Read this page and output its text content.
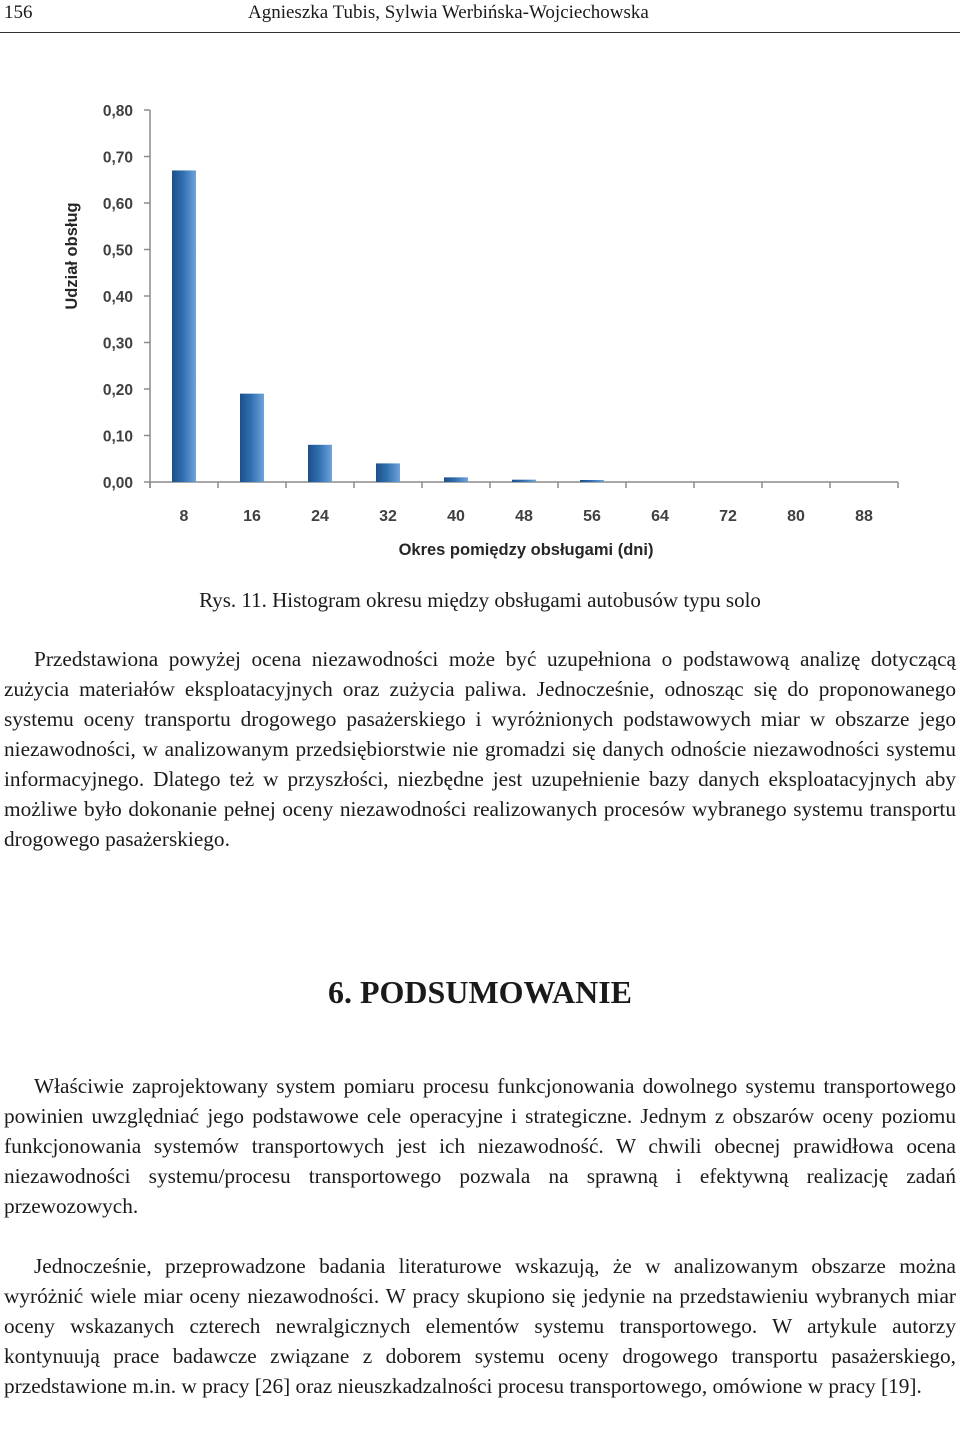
156	Agnieszka Tubis, Sylwia Werbińska-Wojciechowska
0,00
0,10
0,20
0,30
0,40
0,50
0,60
0,70
0,80
8	16	24	32	40	48	56	64	72	80	88
Okres pomiędzy obsługami (dni)
Udział obsług
Rys. 11. Histogram okresu między obsługami autobusów typu solo

Przedstawiona powyżej ocena niezawodności może być uzupełniona o podstawową analizę dotyczącą zużycia materiałów eksploatacyjnych oraz zużycia paliwa. Jednocześnie, odnosząc się do proponowanego systemu oceny transportu drogowego pasażerskiego i wyróżnionych podstawowych miar w obszarze jego niezawodności, w analizowanym przedsiębiorstwie nie gromadzi się danych odnoście niezawodności systemu informacyjnego. Dlatego też w przyszłości, niezbędne jest uzupełnienie bazy danych eksploatacyjnych aby możliwe było dokonanie pełnej oceny niezawodności realizowanych procesów wybranego systemu transportu drogowego pasażerskiego.

6. PODSUMOWANIE

Właściwie zaprojektowany system pomiaru procesu funkcjonowania dowolnego systemu transportowego powinien uwzględniać jego podstawowe cele operacyjne i strategiczne. Jednym z obszarów oceny poziomu funkcjonowania systemów transportowych jest ich niezawodność. W chwili obecnej prawidłowa ocena niezawodności systemu/procesu transportowego pozwala na sprawną i efektywną realizację zadań przewozowych.

Jednocześnie, przeprowadzone badania literaturowe wskazują, że w analizowanym obszarze można wyróżnić wiele miar oceny niezawodności. W pracy skupiono się jedynie na przedstawieniu wybranych miar oceny wskazanych czterech newralgicznych elementów systemu transportowego. W artykule autorzy kontynuują prace badawcze związane z doborem systemu oceny drogowego transportu pasażerskiego, przedstawione m.in. w pracy [26] oraz nieuszkadzalności procesu transportowego, omówione w pracy [19].
